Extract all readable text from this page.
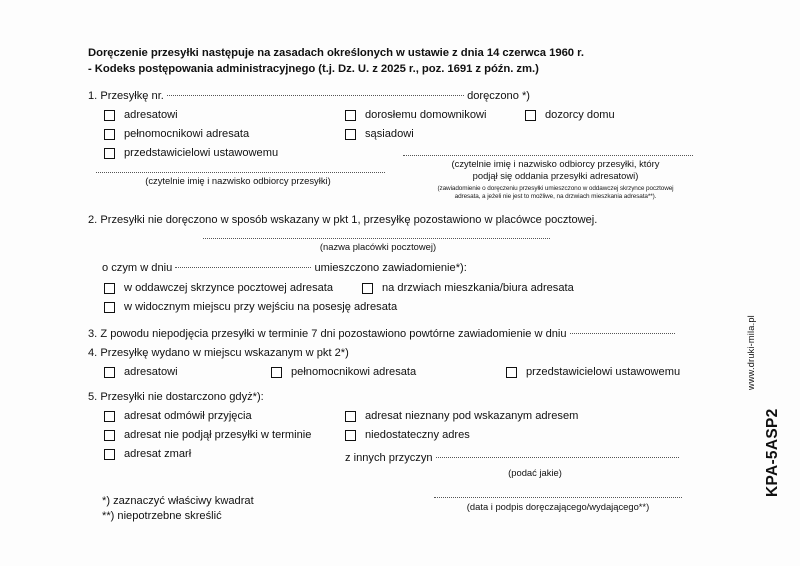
Doręczenie przesyłki następuje na zasadach określonych w ustawie z dnia 14 czerwca 1960 r.
- Kodeks postępowania administracyjnego (t.j. Dz. U. z 2025 r., poz. 1691 z późn. zm.)
1. Przesyłkę nr.	doręczono *)
adresatowi
pełnomocnikowi adresata
przedstawicielowi ustawowemu
dorosłemu domownikowi
sąsiadowi
dozorcy domu
(czytelnie imię i nazwisko odbiorcy przesyłki)
(czytelnie imię i nazwisko odbiorcy przesyłki, który
podjął się oddania przesyłki adresatowi)
(zawiadomienie o doręczeniu przesyłki umieszczono w oddawczej skrzynce pocztowej
adresata, a jeżeli nie jest to możliwe, na drzwiach mieszkania adresata**).
2. Przesyłki nie doręczono w sposób wskazany w pkt 1, przesyłkę pozostawiono w placówce pocztowej.
(nazwa placówki pocztowej)
o czym w dniu	umieszczono zawiadomienie*):
w oddawczej skrzynce pocztowej adresata
w widocznym miejscu przy wejściu na posesję adresata
na drzwiach mieszkania/biura adresata
3. Z powodu niepodjęcia przesyłki w terminie 7 dni pozostawiono powtórne zawiadomienie w dniu
4. Przesyłkę wydano w miejscu wskazanym w pkt 2*)
adresatowi	pełnomocnikowi adresata	przedstawicielowi ustawowemu
5. Przesyłki nie dostarczono gdyż*):
adresat odmówił przyjęcia
adresat nie podjął przesyłki w terminie
adresat zmarł
adresat nieznany pod wskazanym adresem
niedostateczny adres
z innych przyczyn
(podać jakie)
*) zaznaczyć właściwy kwadrat
**) niepotrzebne skreślić
(data i podpis doręczającego/wydającego**)
KPA-5ASP2
www.druki-mila.pl
